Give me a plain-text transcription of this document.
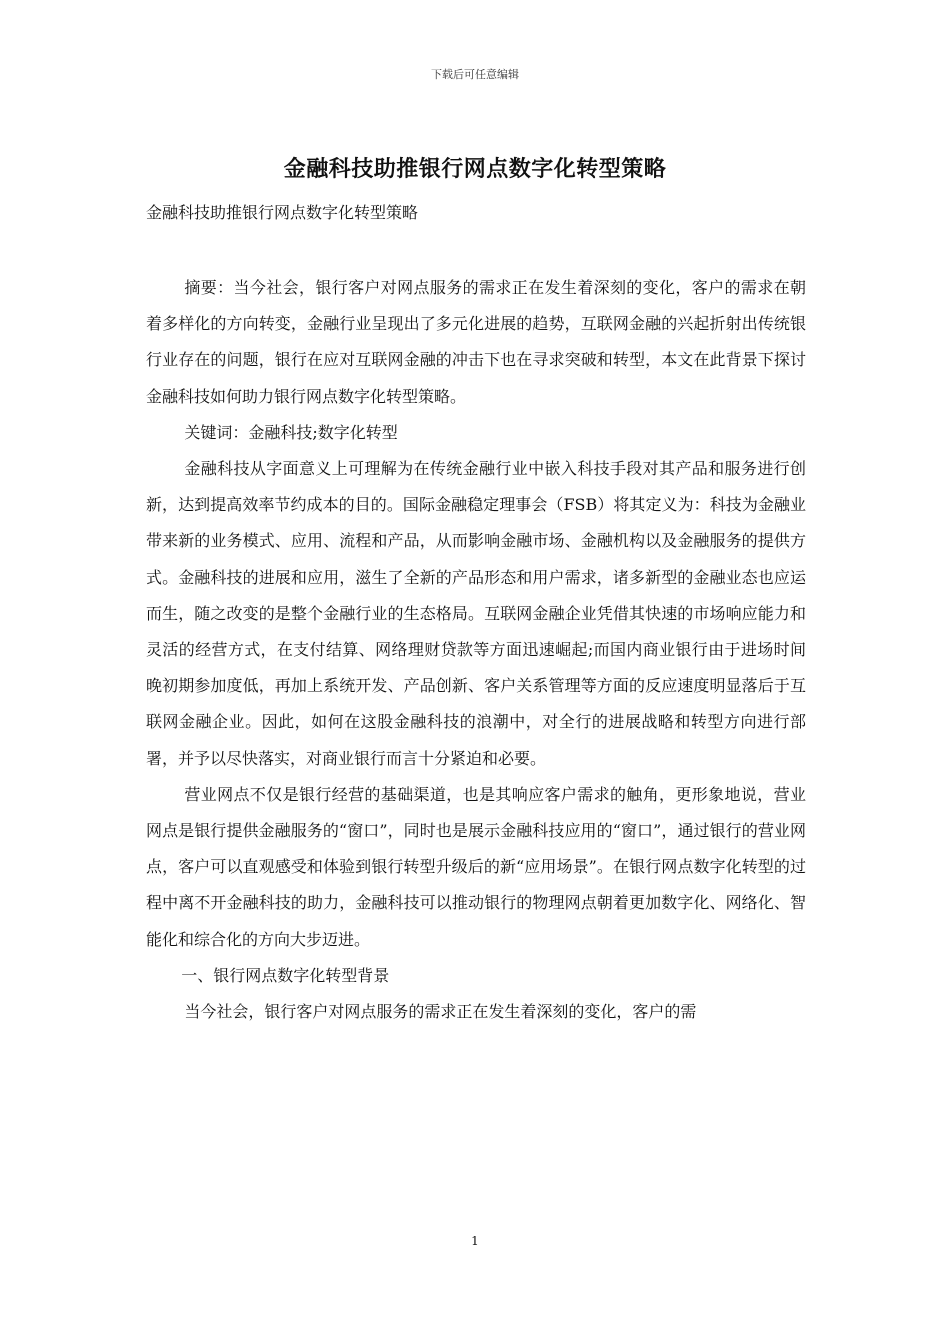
下载后可任意编辑
金融科技助推银行网点数字化转型策略
金融科技助推银行网点数字化转型策略

摘要：当今社会，银行客户对网点服务的需求正在发生着深刻的变化，客户的需求在朝着多样化的方向转变，金融行业呈现出了多元化进展的趋势，互联网金融的兴起折射出传统银行业存在的问题，银行在应对互联网金融的冲击下也在寻求突破和转型，本文在此背景下探讨金融科技如何助力银行网点数字化转型策略。

关键词：金融科技;数字化转型

金融科技从字面意义上可理解为在传统金融行业中嵌入科技手段对其产品和服务进行创新，达到提高效率节约成本的目的。国际金融稳定理事会（FSB）将其定义为：科技为金融业带来新的业务模式、应用、流程和产品，从而影响金融市场、金融机构以及金融服务的提供方式。金融科技的进展和应用，滋生了全新的产品形态和用户需求，诸多新型的金融业态也应运而生，随之改变的是整个金融行业的生态格局。互联网金融企业凭借其快速的市场响应能力和灵活的经营方式，在支付结算、网络理财贷款等方面迅速崛起;而国内商业银行由于进场时间晚初期参加度低，再加上系统开发、产品创新、客户关系管理等方面的反应速度明显落后于互联网金融企业。因此，如何在这股金融科技的浪潮中，对全行的进展战略和转型方向进行部署，并予以尽快落实，对商业银行而言十分紧迫和必要。

营业网点不仅是银行经营的基础渠道，也是其响应客户需求的触角，更形象地说，营业网点是银行提供金融服务的“窗口”，同时也是展示金融科技应用的“窗口”，通过银行的营业网点，客户可以直观感受和体验到银行转型升级后的新“应用场景”。在银行网点数字化转型的过程中离不开金融科技的助力，金融科技可以推动银行的物理网点朝着更加数字化、网络化、智能化和综合化的方向大步迈进。

一、银行网点数字化转型背景

当今社会，银行客户对网点服务的需求正在发生着深刻的变化，客户的需

1
